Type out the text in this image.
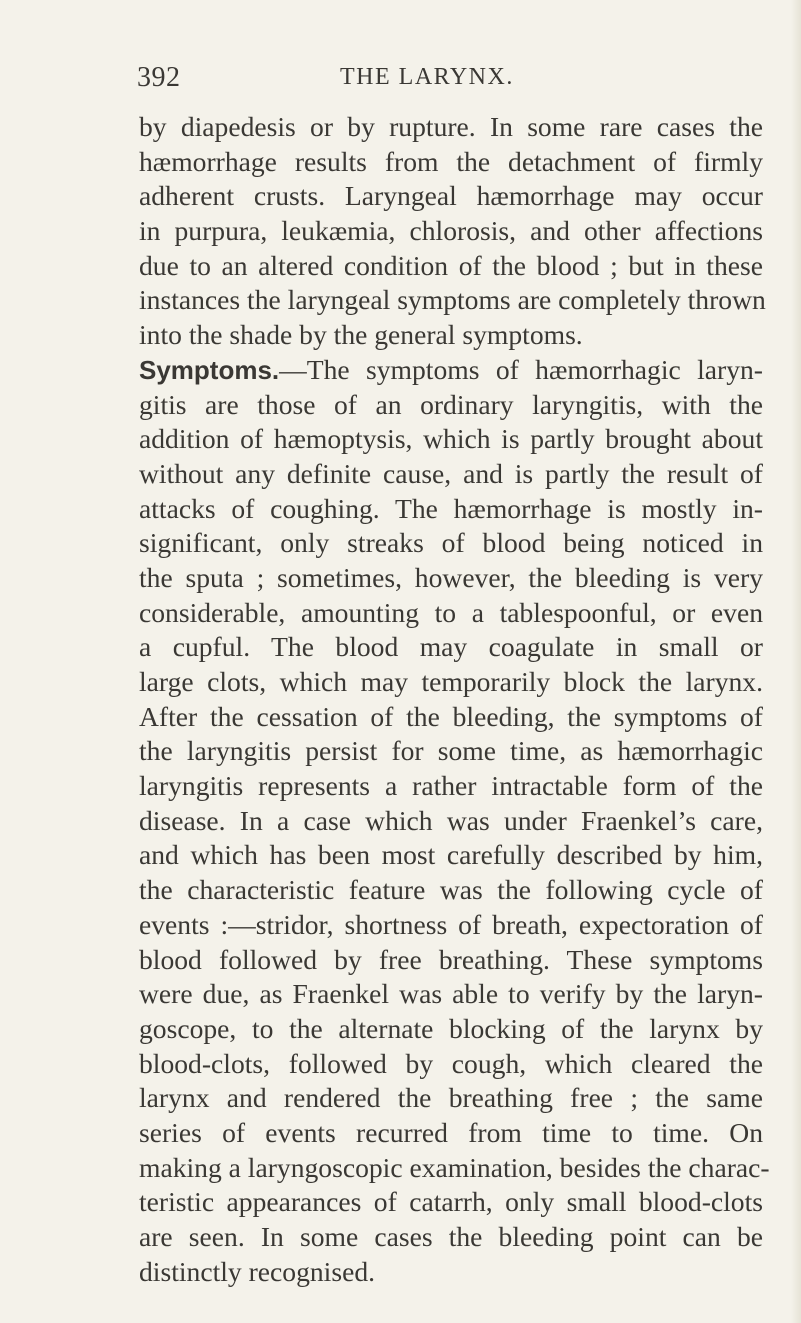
392	THE LARYNX.
by diapedesis or by rupture. In some rare cases the
hæmorrhage results from the detachment of firmly
adherent crusts. Laryngeal hæmorrhage may occur
in purpura, leukæmia, chlorosis, and other affections
due to an altered condition of the blood ; but in these
instances the laryngeal symptoms are completely thrown
into the shade by the general symptoms.
Symptoms.—The symptoms of hæmorrhagic laryn-
gitis are those of an ordinary laryngitis, with the
addition of hæmoptysis, which is partly brought about
without any definite cause, and is partly the result of
attacks of coughing. The hæmorrhage is mostly in-
significant, only streaks of blood being noticed in
the sputa ; sometimes, however, the bleeding is very
considerable, amounting to a tablespoonful, or even
a cupful. The blood may coagulate in small or
large clots, which may temporarily block the larynx.
After the cessation of the bleeding, the symptoms of
the laryngitis persist for some time, as hæmorrhagic
laryngitis represents a rather intractable form of the
disease. In a case which was under Fraenkel’s care,
and which has been most carefully described by him,
the characteristic feature was the following cycle of
events :—stridor, shortness of breath, expectoration of
blood followed by free breathing. These symptoms
were due, as Fraenkel was able to verify by the laryn-
goscope, to the alternate blocking of the larynx by
blood-clots, followed by cough, which cleared the
larynx and rendered the breathing free ; the same
series of events recurred from time to time. On
making a laryngoscopic examination, besides the charac-
teristic appearances of catarrh, only small blood-clots
are seen. In some cases the bleeding point can be
distinctly recognised.
